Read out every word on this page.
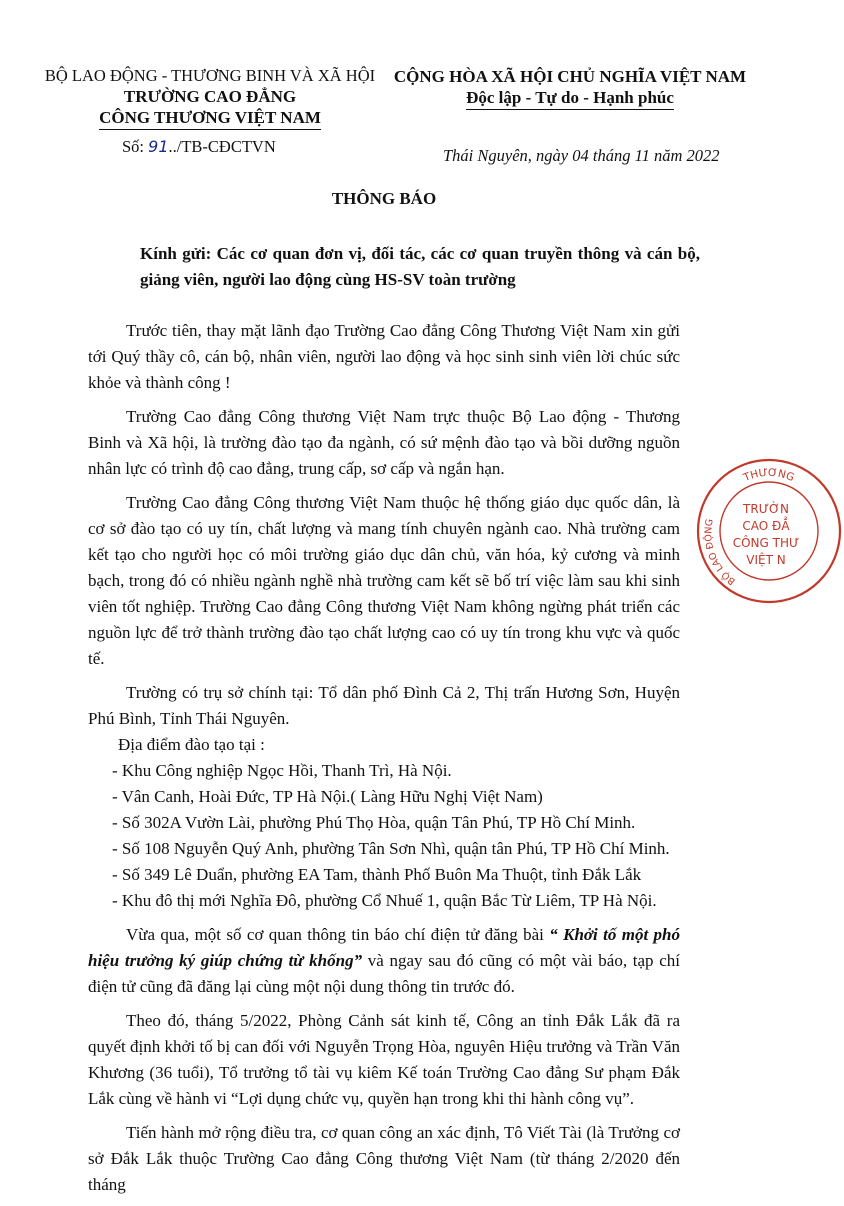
BỘ LAO ĐỘNG - THƯƠNG BINH VÀ XÃ HỘI
TRƯỜNG CAO ĐẲNG
CÔNG THƯƠNG VIỆT NAM
Số: 91../TB-CĐCTVN
CỘNG HÒA XÃ HỘI CHỦ NGHĨA VIỆT NAM
Độc lập - Tự do - Hạnh phúc
Thái Nguyên, ngày 04 tháng 11 năm 2022
THÔNG BÁO
Kính gửi: Các cơ quan đơn vị, đối tác, các cơ quan truyền thông và cán bộ, giảng viên, người lao động cùng HS-SV toàn trường

Trước tiên, thay mặt lãnh đạo Trường Cao đẳng Công Thương Việt Nam xin gửi tới Quý thầy cô, cán bộ, nhân viên, người lao động và học sinh sinh viên lời chúc sức khỏe và thành công !

Trường Cao đẳng Công thương Việt Nam trực thuộc Bộ Lao động - Thương Binh và Xã hội, là trường đào tạo đa ngành, có sứ mệnh đào tạo và bồi dưỡng nguồn nhân lực có trình độ cao đẳng, trung cấp, sơ cấp và ngắn hạn.

Trường Cao đẳng Công thương Việt Nam thuộc hệ thống giáo dục quốc dân, là cơ sở đào tạo có uy tín, chất lượng và mang tính chuyên ngành cao. Nhà trường cam kết tạo cho người học có môi trường giáo dục dân chủ, văn hóa, kỷ cương và minh bạch, trong đó có nhiều ngành nghề nhà trường cam kết sẽ bố trí việc làm sau khi sinh viên tốt nghiệp. Trường Cao đẳng Công thương Việt Nam không ngừng phát triển các nguồn lực để trở thành trường đào tạo chất lượng cao có uy tín trong khu vực và quốc tế.

Trường có trụ sở chính tại: Tổ dân phố Đình Cả 2, Thị trấn Hương Sơn, Huyện Phú Bình, Tỉnh Thái Nguyên.

Địa điểm đào tạo tại :
- Khu Công nghiệp Ngọc Hồi, Thanh Trì, Hà Nội.
- Vân Canh, Hoài Đức, TP Hà Nội.( Làng Hữu Nghị Việt Nam)
- Số 302A Vườn Lài, phường Phú Thọ Hòa, quận Tân Phú, TP Hồ Chí Minh.
- Số 108 Nguyễn Quý Anh, phường Tân Sơn Nhì, quận tân Phú, TP Hồ Chí Minh.
- Số 349 Lê Duẩn, phường EA Tam, thành Phố Buôn Ma Thuột, tỉnh Đắk Lắk
- Khu đô thị mới Nghĩa Đô, phường Cổ Nhuế 1, quận Bắc Từ Liêm, TP Hà Nội.

Vừa qua, một số cơ quan thông tin báo chí điện tử đăng bài “ Khởi tố một phó hiệu trưởng ký giúp chứng từ khống” và ngay sau đó cũng có một vài báo, tạp chí điện tử cũng đã đăng lại cùng một nội dung thông tin trước đó.

Theo đó, tháng 5/2022, Phòng Cảnh sát kinh tế, Công an tỉnh Đắk Lắk đã ra quyết định khởi tố bị can đối với Nguyễn Trọng Hòa, nguyên Hiệu trưởng và Trần Văn Khương (36 tuổi), Tổ trưởng tổ tài vụ kiêm Kế toán Trường Cao đẳng Sư phạm Đắk Lắk cùng về hành vi “Lợi dụng chức vụ, quyền hạn trong khi thi hành công vụ”.

Tiến hành mở rộng điều tra, cơ quan công an xác định, Tô Viết Tài (là Trưởng cơ sở Đắk Lắk thuộc Trường Cao đẳng Công thương Việt Nam (từ tháng 2/2020 đến tháng

THƯƠNG
BỘ LAO ĐỘNG
TRƯỜN
CAO ĐẲ
CÔNG THƯ
VIỆT N
